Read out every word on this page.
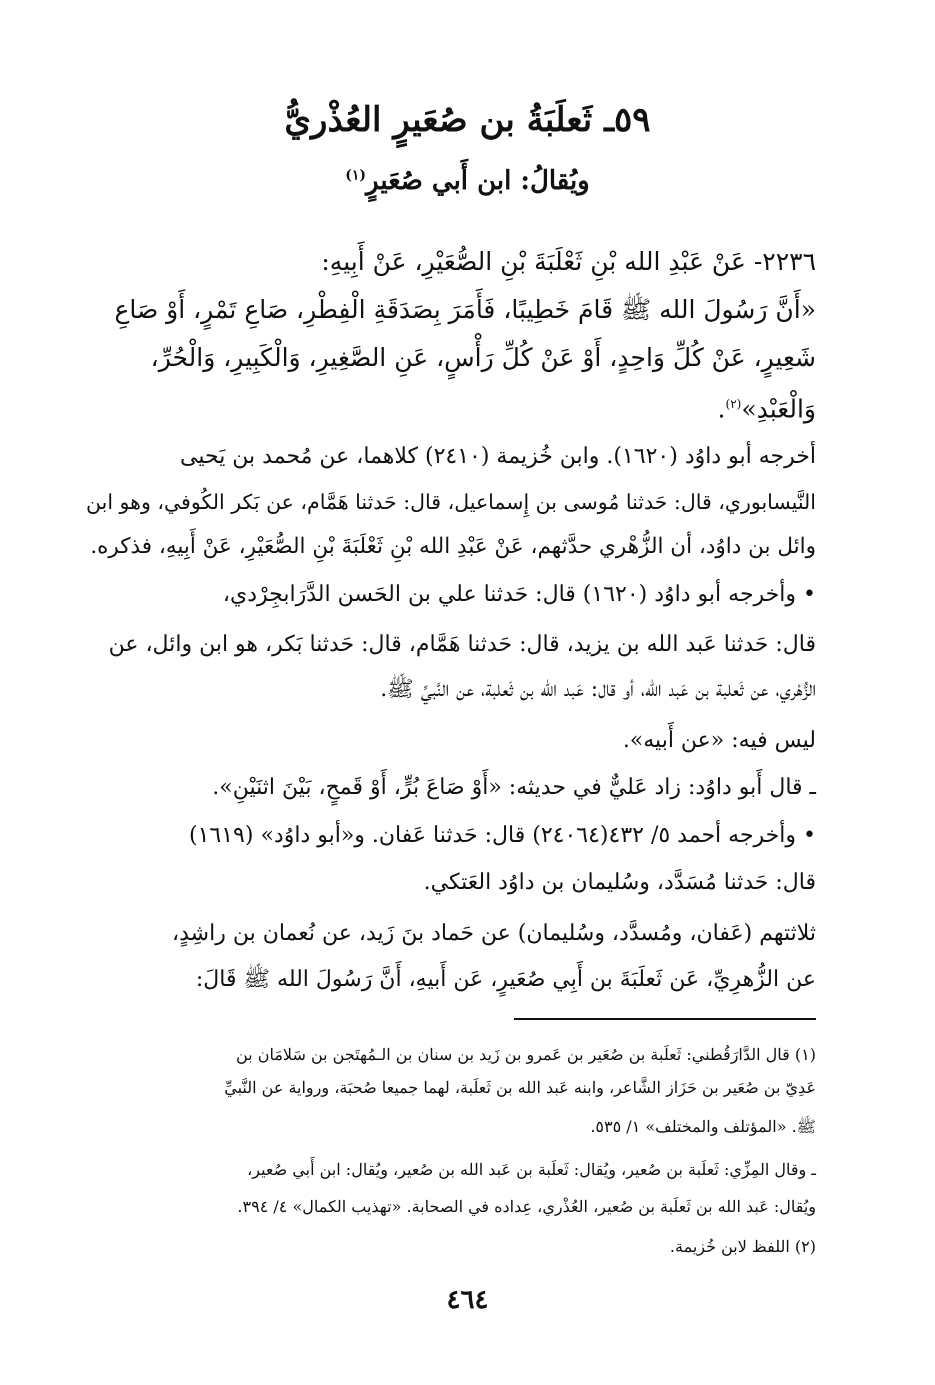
٥٩ـ ثَعلَبَةُ بن صُعَيرٍ العُذْريُّ
ويُقالُ: ابن أَبي صُعَيرٍ$^{(١)}$
٢٢٣٦- عَنْ عَبْدِ الله بْنِ ثَعْلَبَةَ بْنِ الصُّعَيْرِ، عَنْ أَبِيهِ:
«أَنَّ رَسُولَ الله ﷺ قَامَ خَطِيبًا، فَأَمَرَ بِصَدَقَةِ الْفِطْرِ، صَاعِ تَمْرٍ، أَوْ صَاعِ
شَعِيرٍ، عَنْ كُلِّ وَاحِدٍ، أَوْ عَنْ كُلِّ رَأْسٍ، عَنِ الصَّغِيرِ، وَالْكَبِيرِ، وَالْحُرِّ،
وَالْعَبْدِ»$^{(٢)}$.
أخرجه أبو داوُد (١٦٢٠). وابن خُزيمة (٢٤١٠) كلاهما، عن مُحمد بن يَحيى
النَّيسابوري، قال: حَدثنا مُوسى بن إِسماعيل، قال: حَدثنا هَمَّام، عن بَكر الكُوفي، وهو ابن
وائل بن داوُد، أن الزُّهْري حدَّثهم، عَنْ عَبْدِ الله بْنِ ثَعْلَبَةَ بْنِ الصُّعَيْرِ، عَنْ أَبِيهِ، فذكره.
• وأخرجه أبو داوُد (١٦٢٠) قال: حَدثنا علي بن الحَسن الدَّرَابجِرْدي،
قال: حَدثنا عَبد الله بن يزيد، قال: حَدثنا هَمَّام، قال: حَدثنا بَكر، هو ابن وائل، عن
الزُّهْري، عن ثَعلبة بن عَبد الله، أو قال: عَبد الله بن ثَعلبة، عن النَّبيِّ ﷺ.
ليس فيه: «عن أَبيه».
ـ قال أَبو داوُد: زاد عَليٌّ في حديثه: «أَوْ صَاعَ بُرٍّ، أَوْ قَمحٍ، بَيْنَ اثنَيْنِ».
• وأخرجه أحمد ٥/ ٤٣٢(٢٤٠٦٤) قال: حَدثنا عَفان. و«أبو داوُد» (١٦١٩)
قال: حَدثنا مُسَدَّد، وسُليمان بن داوُد العَتكي.
ثلاثتهم (عَفان، ومُسدَّد، وسُليمان) عن حَماد بنَ زَيد، عن نُعمان بن راشِدٍ،
عن الزُّهرِيِّ، عَن ثَعلَبَةَ بن أَبِي صُعَيرٍ، عَن أَبيهِ، أَنَّ رَسُولَ الله ﷺ قَالَ:
(١) قال الدَّارَقُطني: ثَعلَبة بن صُعَير بن عَمرو بن زَيد بن سنان بن الـمُهتَجن بن سَلامَان بن
عَدِيّ بن صُعَير بن حَزَاز الشَّاعر، وابنه عَبد الله بن ثَعلَبة، لهما جميعا صُحبَة، ورواية عن النَّبيِّ
ﷺ. «المؤتلف والمختلف» ١/ ٥٣٥.
ـ وقال المِزِّي: ثَعلَبة بن صُعير، ويُقال: ثَعلَبة بن عَبد الله بن صُعير، ويُقال: ابن أَبي صُعير،
ويُقال: عَبد الله بن ثَعلَبة بن صُعير، العُذْري، عِداده في الصحابة. «تهذيب الكمال» ٤/ ٣٩٤.
(٢) اللفظ لابن خُزيمة.
٤٦٤
